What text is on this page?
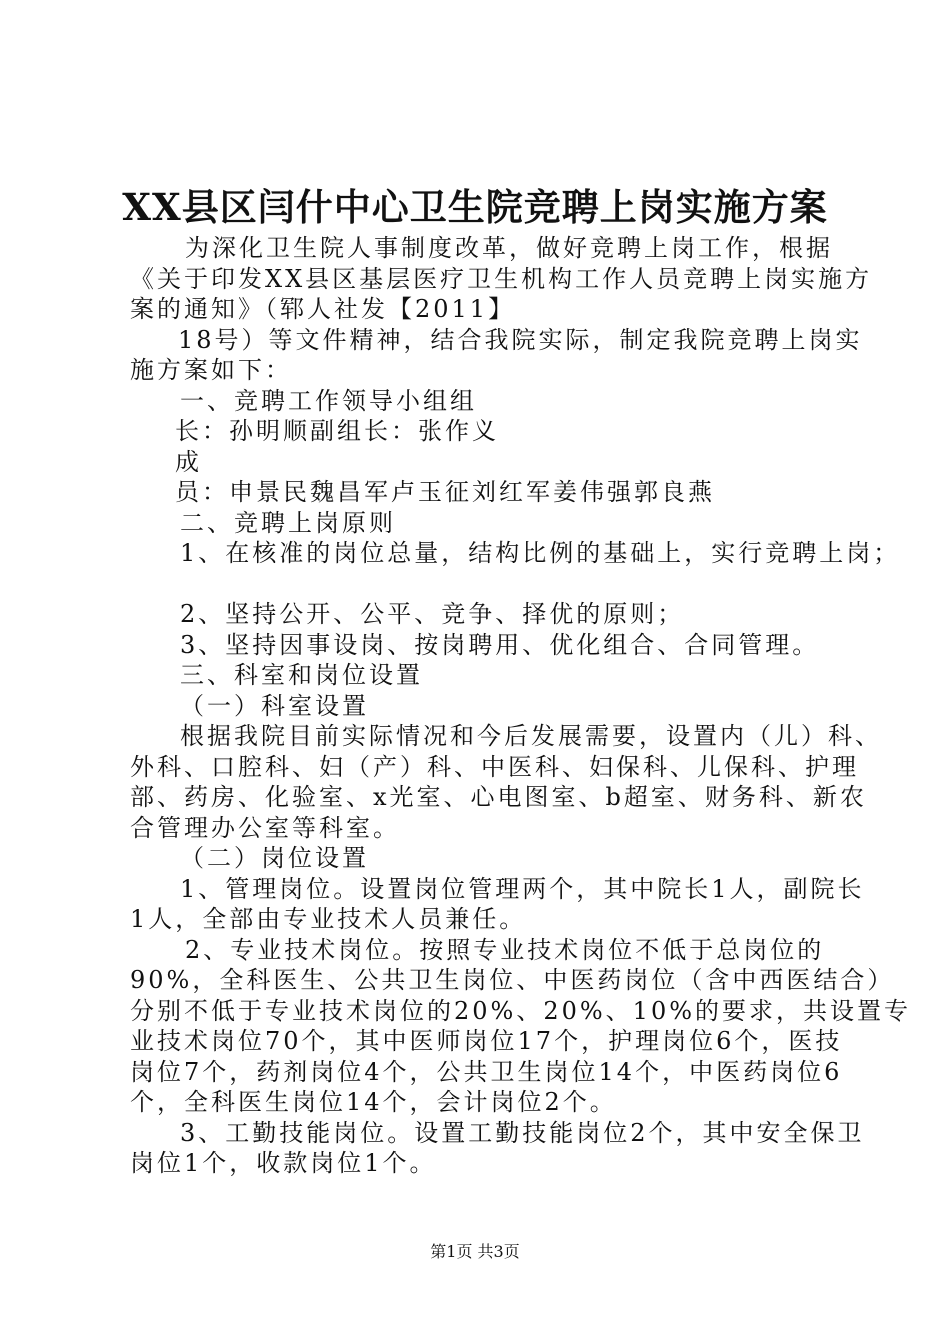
XX县区闫什中心卫生院竞聘上岗实施方案
为深化卫生院人事制度改革，做好竞聘上岗工作，根据
《关于印发XX县区基层医疗卫生机构工作人员竞聘上岗实施方
案的通知》（郓人社发【2011】
18号）等文件精神，结合我院实际，制定我院竞聘上岗实
施方案如下：
一、竞聘工作领导小组组
长：孙明顺副组长：张作义
成
员：申景民魏昌军卢玉征刘红军姜伟强郭良燕
二、竞聘上岗原则
1、在核准的岗位总量，结构比例的基础上，实行竞聘上岗；
2、坚持公开、公平、竞争、择优的原则；
3、坚持因事设岗、按岗聘用、优化组合、合同管理。
三、科室和岗位设置
（一）科室设置
根据我院目前实际情况和今后发展需要，设置内（儿）科、
外科、口腔科、妇（产）科、中医科、妇保科、儿保科、护理
部、药房、化验室、x光室、心电图室、b超室、财务科、新农
合管理办公室等科室。
（二）岗位设置
1、管理岗位。设置岗位管理两个，其中院长1人，副院长
1人，全部由专业技术人员兼任。
2、专业技术岗位。按照专业技术岗位不低于总岗位的
90%，全科医生、公共卫生岗位、中医药岗位（含中西医结合）
分别不低于专业技术岗位的20%、20%、10%的要求，共设置专
业技术岗位70个，其中医师岗位17个，护理岗位6个，医技
岗位7个，药剂岗位4个，公共卫生岗位14个，中医药岗位6
个，全科医生岗位14个，会计岗位2个。
3、工勤技能岗位。设置工勤技能岗位2个，其中安全保卫
岗位1个，收款岗位1个。
第1页 共3页
